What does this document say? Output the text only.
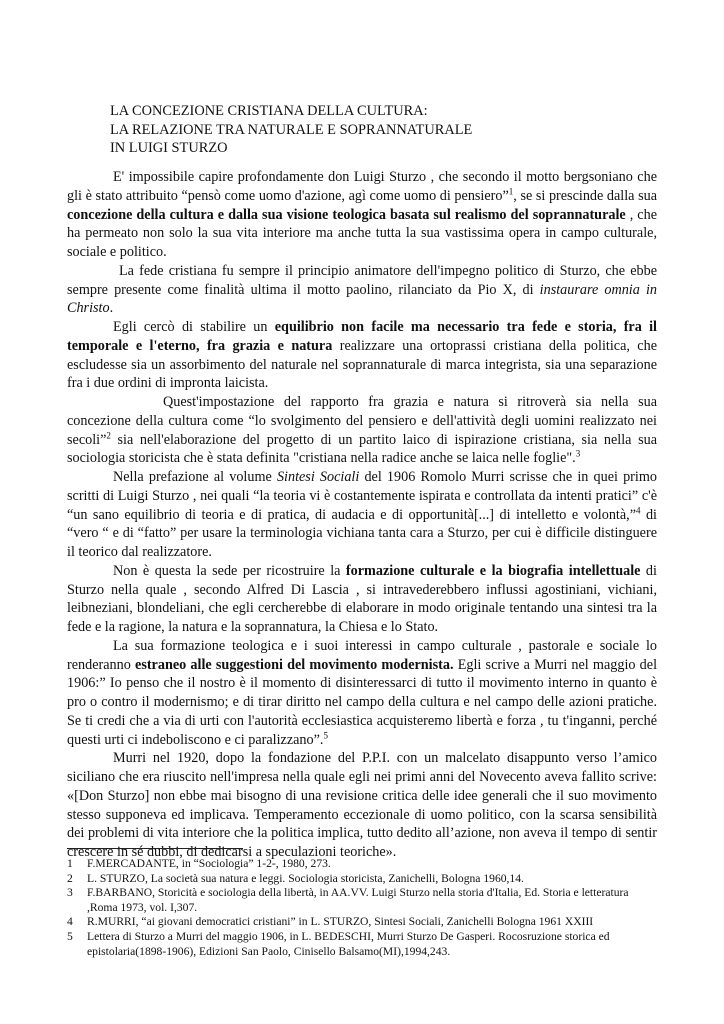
LA CONCEZIONE CRISTIANA DELLA CULTURA:
LA RELAZIONE TRA NATURALE E SOPRANNATURALE
IN LUIGI STURZO

E' impossibile capire profondamente don Luigi Sturzo , che secondo il motto bergsoniano che gli è stato attribuito “pensò come uomo d'azione, agì come uomo di pensiero”$^1$, se si prescinde dalla sua concezione della cultura e dalla sua visione teologica basata sul realismo del soprannaturale , che ha permeato non solo la sua vita interiore ma anche tutta la sua vastissima opera in campo culturale, sociale e politico.

La fede cristiana fu sempre il principio animatore dell'impegno politico di Sturzo, che ebbe sempre presente come finalità ultima il motto paolino, rilanciato da Pio X, di instaurare omnia in Christo.

Egli cercò di stabilire un equilibrio non facile ma necessario tra fede e storia, fra il temporale e l'eterno, fra grazia e natura realizzare una ortoprassi cristiana della politica, che escludesse sia un assorbimento del naturale nel soprannaturale di marca integrista, sia una separazione fra i due ordini di impronta laicista.

Quest'impostazione del rapporto fra grazia e natura si ritroverà sia nella sua concezione della cultura come “lo svolgimento del pensiero e dell'attività degli uomini realizzato nei secoli”$^2$ sia nell'elaborazione del progetto di un partito laico di ispirazione cristiana, sia nella sua sociologia storicista che è stata definita "cristiana nella radice anche se laica nelle foglie".$^3$

Nella prefazione al volume Sintesi Sociali del 1906 Romolo Murri scrisse che in quei primo scritti di Luigi Sturzo , nei quali “la teoria vi è costantemente ispirata e controllata da intenti pratici” c'è “un sano equilibrio di teoria e di pratica, di audacia e di opportunità[...] di intelletto e volontà,”$^4$ di “vero “ e di “fatto” per usare la terminologia vichiana tanta cara a Sturzo, per cui è difficile distinguere il teorico dal realizzatore.

Non è questa la sede per ricostruire la formazione culturale e la biografia intellettuale di Sturzo nella quale , secondo Alfred Di Lascia , si intravederebbero influssi agostiniani, vichiani, leibneziani, blondeliani, che egli cercherebbe di elaborare in modo originale tentando una sintesi tra la fede e la ragione, la natura e la soprannatura, la Chiesa e lo Stato.

La sua formazione teologica e i suoi interessi in campo culturale , pastorale e sociale lo renderanno estraneo alle suggestioni del movimento modernista. Egli scrive a Murri nel maggio del 1906:” Io penso che il nostro è il momento di disinteressarci di tutto il movimento interno in quanto è pro o contro il modernismo; e di tirar diritto nel campo della cultura e nel campo delle azioni pratiche. Se ti credi che a via di urti con l'autorità ecclesiastica acquisteremo libertà e forza , tu t'inganni, perché questi urti ci indeboliscono e ci paralizzano”.$^5$

Murri nel 1920, dopo la fondazione del P.P.I. con un malcelato disappunto verso l’amico siciliano che era riuscito nell'impresa nella quale egli nei primi anni del Novecento aveva fallito scrive: «[Don Sturzo] non ebbe mai bisogno di una revisione critica delle idee generali che il suo movimento stesso supponeva ed implicava. Temperamento eccezionale di uomo politico, con la scarsa sensibilità dei problemi di vita interiore che la politica implica, tutto dedito all’azione, non aveva il tempo di sentir crescere in sé dubbi, di dedicarsi a speculazioni teoriche».

1	F.MERCADANTE, in “Sociologia” 1-2-, 1980, 273.
2	L. STURZO, La società sua natura e leggi. Sociologia storicista, Zanichelli, Bologna 1960,14.
3	F.BARBANO, Storicità e sociologia della libertà, in AA.VV. Luigi Sturzo nella storia d'Italia, Ed. Storia e letteratura ,Roma 1973, vol. I,307.
4	R.MURRI, “ai giovani democratici cristiani” in L. STURZO, Sintesi Sociali, Zanichelli Bologna 1961 XXIII
5	Lettera di Sturzo a Murri del maggio 1906, in L. BEDESCHI, Murri Sturzo De Gasperi. Rocosruzione storica ed epistolaria(1898-1906), Edizioni San Paolo, Cinisello Balsamo(MI),1994,243.
